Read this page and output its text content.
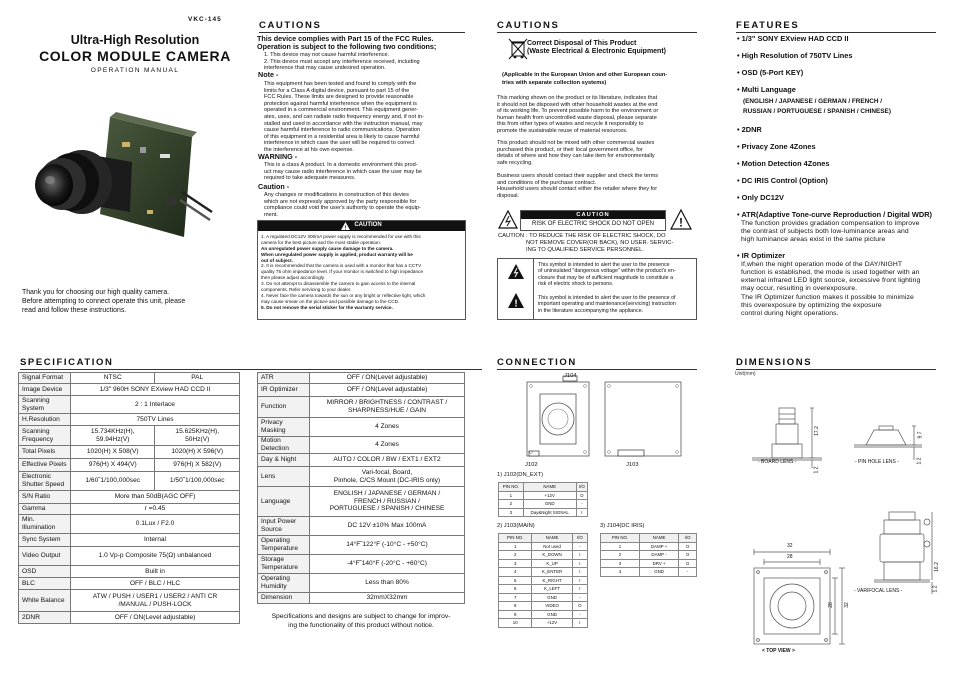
VKC-145
Ultra-High Resolution
COLOR MODULE CAMERA
OPERATION MANUAL
Thank you for choosing our high quality camera.
Before attempting to connect operate this unit, please
read and follow these instructions.
CAUTIONS
This device complies with Part 15 of the FCC Rules.
Operation is subject to the following two conditions;
1. This device may not cause harmful interference.
2. This device must accept any interference received, including
interference that may cause undesired operation.
Note -
This equipment has been tested and found to comply with the
limits for a Class A digital device, pursuant to part 15 of the
FCC Rules. These limits are designed to provide reasonable
protection against harmful interference when the equipment is
operated in a commercial environment. This equipment gener-
ates, uses, and can radiate radio frequency energy and, if not in-
stalled and used in accordance with the instruction manual, may
cause harmful interference to radio communications. Operation
of this equipment in a residential area is likely to cause harmful
interference in which case the user will be required to correct
the interference at his own expense.
WARNING -
This is a class A product. In a domestic environment this prod-
uct may cause radio interference in which case the user may be
required to take adequate measures.
Caution -
Any changes or modifications in construction of this devies
which are not expressly approved by the party responsible for
compliance could void the user's authority to operate the equip-
ment.
! CAUTION
1. A regulated DC12V 300mA power supply is recommended for use with this
camera for the best picture and the most stable operation.
An unregulated power supply cause damage to the camera.
When unregulated power supply is applied, product warranty will be
out of subject.
2. It is recommended that the camera is used with a monitor that has a CCTV
quality 75 ohm impedance level. If your monitor is switched to high impedance
then please adjust accordingly.
3. Do not attempt to disassemble the camera to gain access to the internal
components. Refer servicing to your dealer.
4. Never face the camera towards the sun or any bright or reflective light, which
may cause smear on the picture and possible damage to the CCD.
5. Do not remove the serial sticker for the warranty service.
CAUTIONS
Correct Disposal of This Product
(Waste Electrical & Electronic Equipment)
(Applicable in the European Union and other European coun-
tries with separate collection systems)
This marking shown on the product or its literature, indicates that
it should not be disposed with other household wastes at the end
of its working life. To prevent possible harm to the environment or
human health from uncontrolled waste disposal, please separate
this from other types of wastes and recycle it responsibly to
promote the sustainable reuse of material resources.
This product should not be mixed with other commercial wastes
purchased this product, or their local government office, for
details of where and how they can take item for environmentally
safe recycling.
Business users should contact their supplier and check the terms
and conditions of the purchase contract.
Household users should contact either the retailer where they for
disposal.
CAUTION
RISK OF ELECTRIC SHOCK DO NOT OPEN	!
CAUTION : TO REDUCE THE RISK OF ELECTRIC SHOCK, DO
NOT REMOVE COVER(OR BACK), NO USER. SERVIC-
ING TO QUALIFIED SERVICE PERSONNEL.
This symbol is intended to alert the user to the presence
of uninsulated "dangerous voltage" within the product's en-
closure that may be of sufficient magnitude to constitute a
risk of electric shock to persons.
!
This symbol is intended to alert the user to the presence of
important operating and maintenance(servicing) instruction
in the literature accompanying the appliance.
FEATURES
• 1/3" SONY EXview HAD CCD II
• High Resolution of 750TV Lines
• OSD (5-Port KEY)
• Multi Language
(ENGLISH / JAPANESE / GERMAN / FRENCH /
RUSSIAN / PORTUGUESE / SPANISH / CHINESE)
• 2DNR
• Privacy Zone 4Zones
• Motion Detection 4Zones
• DC IRIS Control (Option)
• Only DC12V
• ATR(Adaptive Tone-curve Reproduction / Digital WDR)
The function provides gradation compensation to improve
the contrast of subjects both low-luminance areas and
high luminance areas exist in the same picture
• IR Optimizer
If,when the night operation mode of the DAY/NIGHT
function is established, the mode is used together with an
external infrared LED light source, excessive front lighting
may occur, resulting in overexposure.
The IR Optimizer function makes it possible to minimize
this overexposure by optimizing the exposure
control during Night operations.
SPECIFICATION
Signal Format	NTSC	PAL
Image Device	1/3" 960H SONY EXview HAD CCD II	
Scanning System	2 : 1 Interlace	
H.Resolution	750TV Lines	
Scanning Frequency	15.734KHz(H),
59.94Hz(V)	15.625KHz(H),
50Hz(V)
Total Pixels	1020(H) X 508(V)	1020(H) X 596(V)
Effective Pixels	976(H) X 494(V)	976(H) X 582(V)
Electronic Shutter Speed	1/60˜1/100,000sec	1/50˜1/100,000sec
S/N Ratio	More than 50dB(AGC OFF)	
Gamma	r =0.45	
Min. Illumination	0.1Lux / F2.0	
Sync System	Internal	
Video Output	1.0 Vp-p Composite 75(Ω) unbalanced	
OSD	Built in	
BLC	OFF / BLC / HLC	
White Balance	ATW / PUSH / USER1 / USER2 / ANTI CR
/MANUAL / PUSH-LOCK	
2DNR	OFF / ON(Level adjustable)	
ATR	OFF / ON(Level adjustable)
IR Optimizer	OFF / ON(Level adjustable)
Function	MIRROR / BRIGHTNESS / CONTRAST /
SHARPNESS/HUE / GAIN
Privacy Masking	4 Zones
Motion Detection	4 Zones
Day & Night	AUTO / COLOR / BW / EXT1 / EXT2
Lens	Vari-focal, Board,
Pinhole, C/CS Mount (DC-IRIS only)
Language	ENGLISH / JAPANESE / GERMAN /
FRENCH / RUSSIAN /
PORTUGUESE / SPANISH / CHINESE
Input Power Source	DC 12V ±10% Max 100mA
Operating Temperature	14°F˜122°F (-10°C - +50°C)
Storage Temperature	-4°F˜140°F (-20°C - +60°C)
Operating Humidity	Less than 80%
Dimension	32mmX32mm
Specifications and designs are subject to change for improv-
ing the functionality of this product without notice.
CONNECTION
J104
J102	J103
1) J102(DN_EXT)
PIN NO.	NAME	I/O
1	+12V	O
2	GND	-
3	Day&Night SIGNAL	I
2) J103(MAIN)
PIN NO.	NAME	I/O
1	Not used	-
2	K_DOWN	I
3	K_UP	I
4	K_ENTER	I
5	K_RIGHT	I
6	K_LEFT	I
7	GND	-
8	VIDEO	O
9	GND	-
10	+12V	I
3) J104(DC IRIS)
PIN NO.	NAME	I/O
1	DAMP +	O
2	DAMP -	O
3	DRV +	O
4	GND	-
DIMENSIONS
Unit(mm)
- BOARD LENS -	- PIN HOLE LENS -
- VARIFOCAL LENS -
< TOP VIEW >
32
28
32
28
17.2	9.7
1.2
1.2
16.2
1.2
